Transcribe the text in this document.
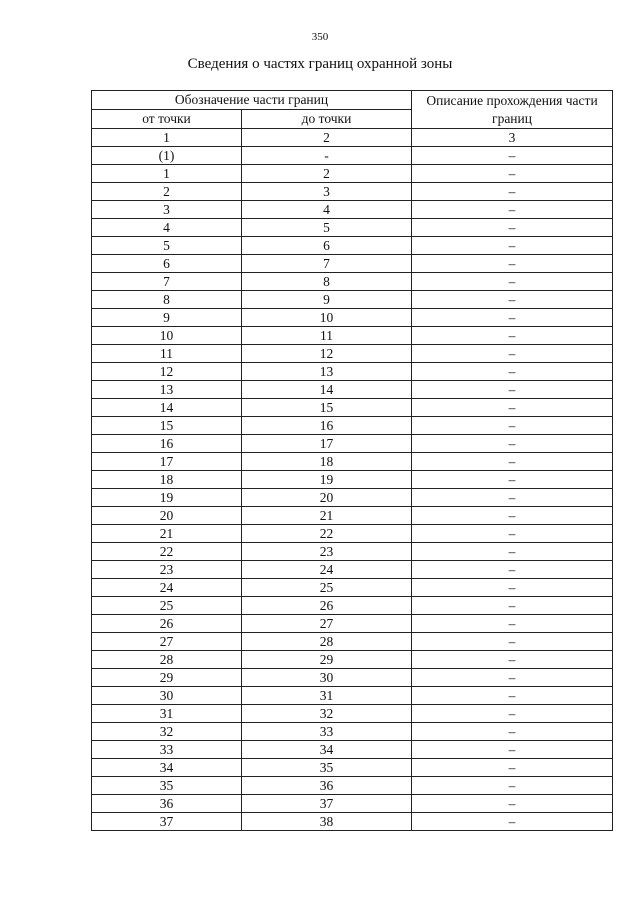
350
Сведения о частях границ охранной зоны
Обозначение части границ		Описание прохождения части границ
от точки	до точки	
1	2	3
(1)	-	–
1	2	–
2	3	–
3	4	–
4	5	–
5	6	–
6	7	–
7	8	–
8	9	–
9	10	–
10	11	–
11	12	–
12	13	–
13	14	–
14	15	–
15	16	–
16	17	–
17	18	–
18	19	–
19	20	–
20	21	–
21	22	–
22	23	–
23	24	–
24	25	–
25	26	–
26	27	–
27	28	–
28	29	–
29	30	–
30	31	–
31	32	–
32	33	–
33	34	–
34	35	–
35	36	–
36	37	–
37	38	–
